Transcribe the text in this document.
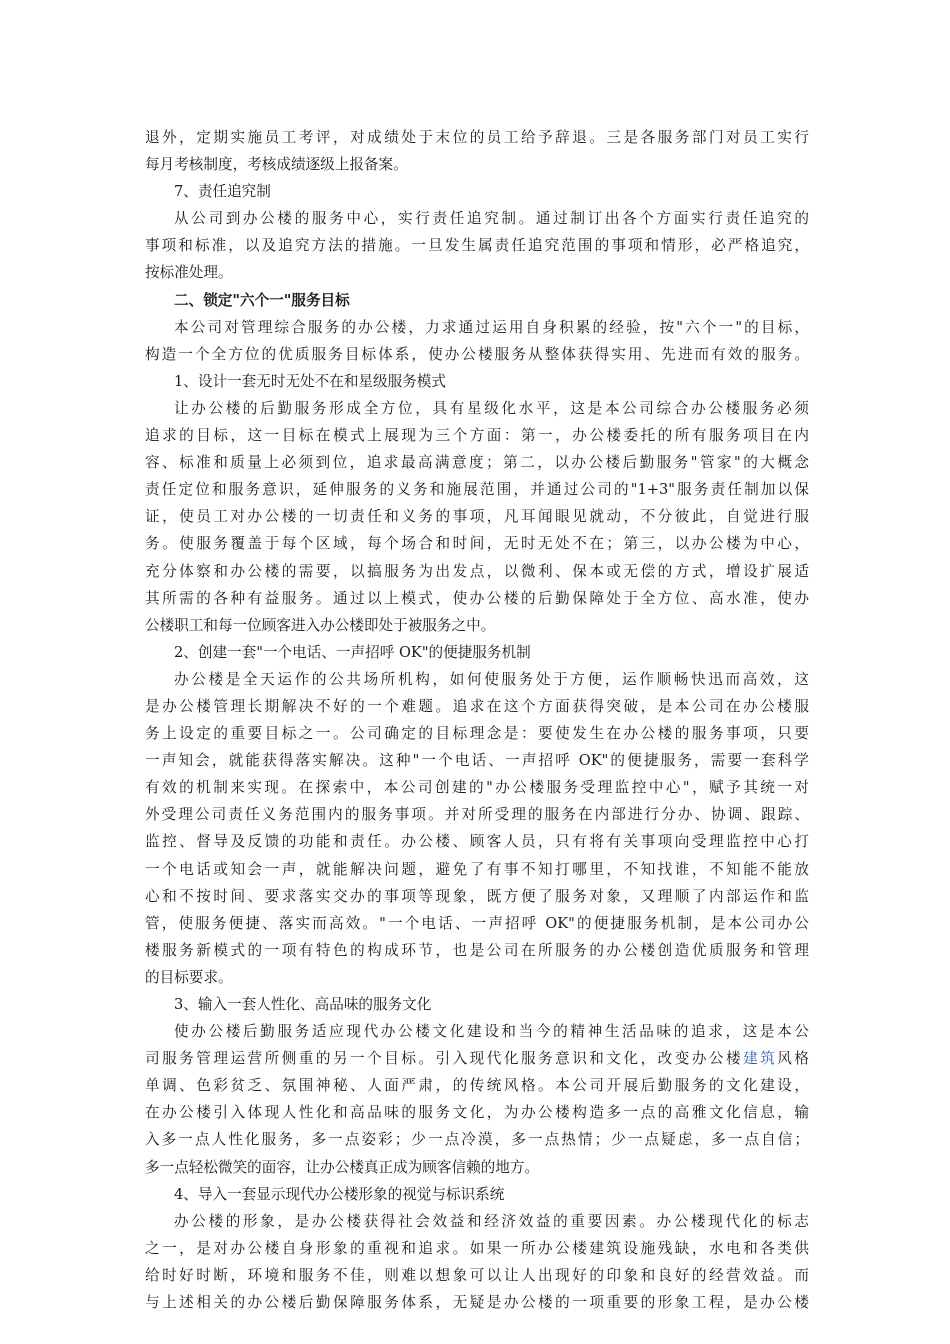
退外，定期实施员工考评，对成绩处于末位的员工给予辞退。三是各服务部门对员工实行
每月考核制度，考核成绩逐级上报备案。
7、责任追究制
从公司到办公楼的服务中心，实行责任追究制。通过制订出各个方面实行责任追究的
事项和标准，以及追究方法的措施。一旦发生属责任追究范围的事项和情形，必严格追究，
按标准处理。
二、锁定"六个一"服务目标
本公司对管理综合服务的办公楼，力求通过运用自身积累的经验，按"六个一"的目标，
构造一个全方位的优质服务目标体系，使办公楼服务从整体获得实用、先进而有效的服务。
1、设计一套无时无处不在和星级服务模式
让办公楼的后勤服务形成全方位，具有星级化水平，这是本公司综合办公楼服务必须
追求的目标，这一目标在模式上展现为三个方面：第一，办公楼委托的所有服务项目在内
容、标准和质量上必须到位，追求最高满意度；第二，以办公楼后勤服务"管家"的大概念
责任定位和服务意识，延伸服务的义务和施展范围，并通过公司的"1+3"服务责任制加以保
证，使员工对办公楼的一切责任和义务的事项，凡耳闻眼见就动，不分彼此，自觉进行服
务。使服务覆盖于每个区域，每个场合和时间，无时无处不在；第三，以办公楼为中心，
充分体察和办公楼的需要，以搞服务为出发点，以微利、保本或无偿的方式，增设扩展适
其所需的各种有益服务。通过以上模式，使办公楼的后勤保障处于全方位、高水准，使办
公楼职工和每一位顾客进入办公楼即处于被服务之中。
2、创建一套"一个电话、一声招呼 OK"的便捷服务机制
办公楼是全天运作的公共场所机构，如何使服务处于方便，运作顺畅快迅而高效，这
是办公楼管理长期解决不好的一个难题。追求在这个方面获得突破，是本公司在办公楼服
务上设定的重要目标之一。公司确定的目标理念是：要使发生在办公楼的服务事项，只要
一声知会，就能获得落实解决。这种"一个电话、一声招呼 OK"的便捷服务，需要一套科学
有效的机制来实现。在探索中，本公司创建的"办公楼服务受理监控中心"，赋予其统一对
外受理公司责任义务范围内的服务事项。并对所受理的服务在内部进行分办、协调、跟踪、
监控、督导及反馈的功能和责任。办公楼、顾客人员，只有将有关事项向受理监控中心打
一个电话或知会一声，就能解决问题，避免了有事不知打哪里，不知找谁，不知能不能放
心和不按时间、要求落实交办的事项等现象，既方便了服务对象，又理顺了内部运作和监
管，使服务便捷、落实而高效。"一个电话、一声招呼 OK"的便捷服务机制，是本公司办公
楼服务新模式的一项有特色的构成环节，也是公司在所服务的办公楼创造优质服务和管理
的目标要求。
3、输入一套人性化、高品味的服务文化
使办公楼后勤服务适应现代办公楼文化建设和当今的精神生活品味的追求，这是本公
司服务管理运营所侧重的另一个目标。引入现代化服务意识和文化，改变办公楼建筑风格
单调、色彩贫乏、氛围神秘、人面严肃，的传统风格。本公司开展后勤服务的文化建设，
在办公楼引入体现人性化和高品味的服务文化，为办公楼构造多一点的高雅文化信息，输
入多一点人性化服务，多一点姿彩；少一点冷漠，多一点热情；少一点疑虑，多一点自信；
多一点轻松微笑的面容，让办公楼真正成为顾客信赖的地方。
4、导入一套显示现代办公楼形象的视觉与标识系统
办公楼的形象，是办公楼获得社会效益和经济效益的重要因素。办公楼现代化的标志
之一，是对办公楼自身形象的重视和追求。如果一所办公楼建筑设施残缺，水电和各类供
给时好时断，环境和服务不佳，则难以想象可以让人出现好的印象和良好的经营效益。而
与上述相关的办公楼后勤保障服务体系，无疑是办公楼的一项重要的形象工程，是办公楼
